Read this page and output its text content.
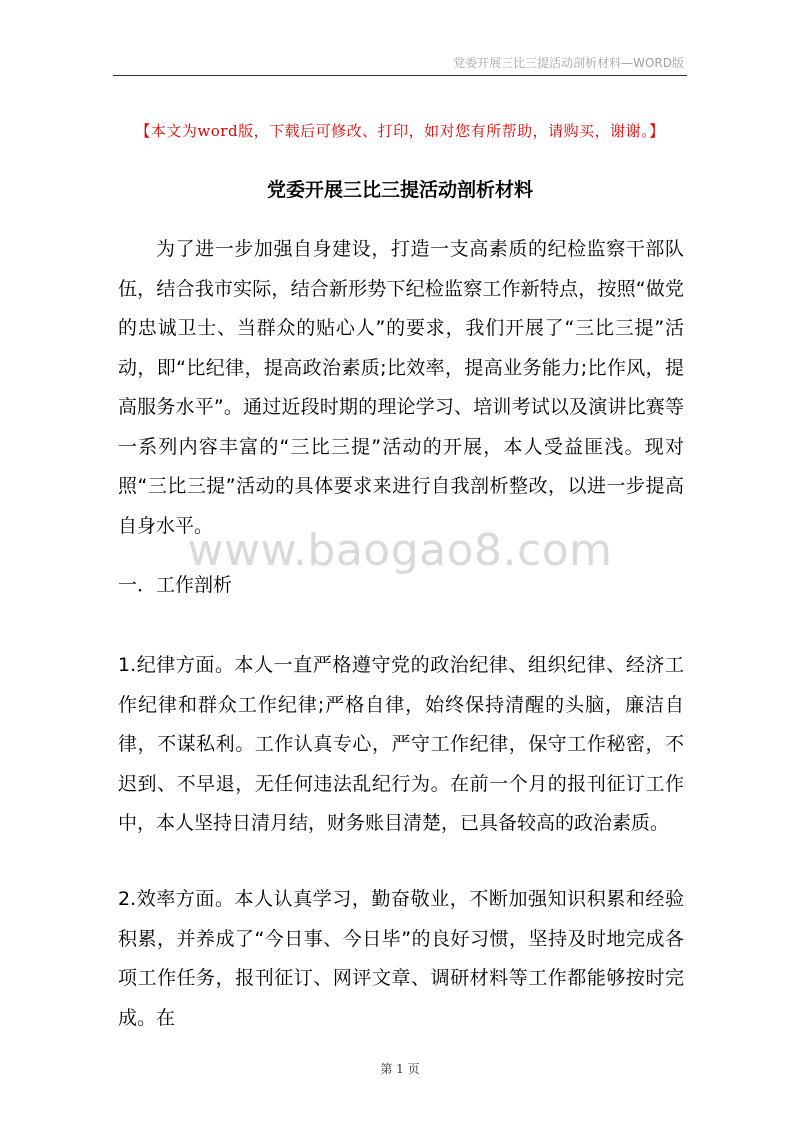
党委开展三比三提活动剖析材料—WORD版
【本文为word版，下载后可修改、打印，如对您有所帮助，请购买，谢谢。】
党委开展三比三提活动剖析材料

为了进一步加强自身建设，打造一支高素质的纪检监察干部队伍，结合我市实际，结合新形势下纪检监察工作新特点，按照“做党的忠诚卫士、当群众的贴心人”的要求，我们开展了“三比三提”活动，即“比纪律，提高政治素质;比效率，提高业务能力;比作风，提高服务水平”。通过近段时期的理论学习、培训考试以及演讲比赛等一系列内容丰富的“三比三提”活动的开展，本人受益匪浅。现对照“三比三提”活动的具体要求来进行自我剖析整改，以进一步提高自身水平。

www.baogao8.com
一．工作剖析

1.纪律方面。本人一直严格遵守党的政治纪律、组织纪律、经济工作纪律和群众工作纪律;严格自律，始终保持清醒的头脑，廉洁自律，不谋私利。工作认真专心，严守工作纪律，保守工作秘密，不迟到、不早退，无任何违法乱纪行为。在前一个月的报刊征订工作中，本人坚持日清月结，财务账目清楚，已具备较高的政治素质。

2.效率方面。本人认真学习，勤奋敬业，不断加强知识积累和经验积累，并养成了“今日事、今日毕”的良好习惯，坚持及时地完成各项工作任务，报刊征订、网评文章、调研材料等工作都能够按时完成。在

第 1 页
